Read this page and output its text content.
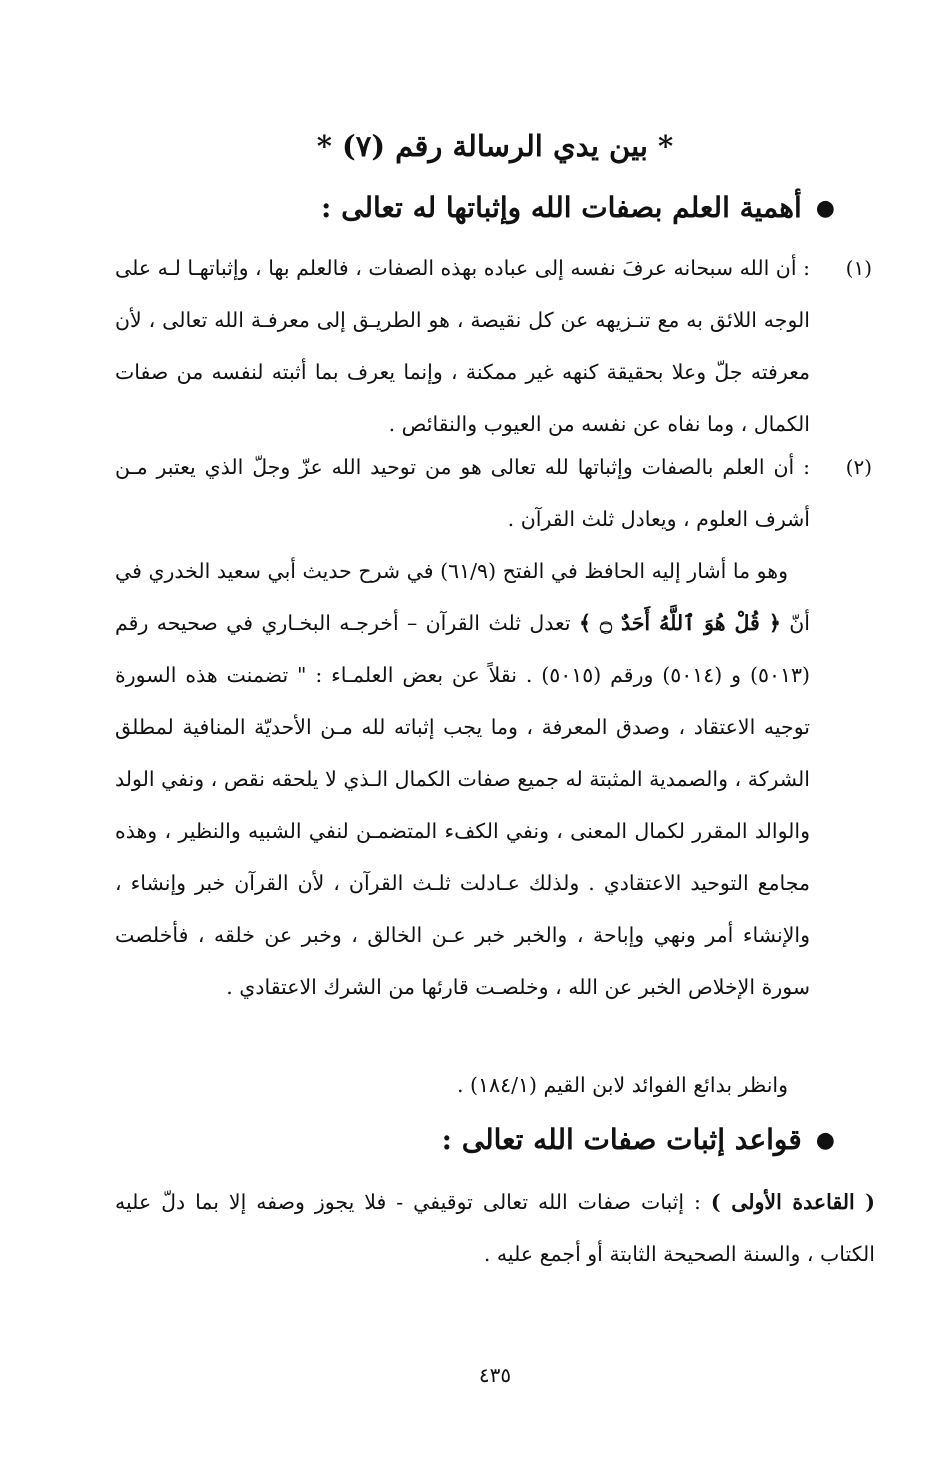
* بين يدي الرسالة رقم (٧) *
●
أهمية العلم بصفات الله وإثباتها له تعالى :
(١)
: أن الله سبحانه عرفَ نفسه إلى عباده بهذه الصفات ، فالعلم بها ، وإثباتهـا لـه على الوجه اللائق به مع تنـزيهه عن كل نقيصة ، هو الطريـق إلى معرفـة الله تعالى ، لأن معرفته جلّ وعلا بحقيقة كنهه غير ممكنة ، وإنما يعرف بما أثبته لنفسه من صفات الكمال ، وما نفاه عن نفسه من العيوب والنقائص .
(٢)
: أن العلم بالصفات وإثباتها لله تعالى هو من توحيد الله عزّ وجلّ الذي يعتبر مـن أشرف العلوم ، ويعادل ثلث القرآن .
وهو ما أشار إليه الحافظ في الفتح (٦١/٩) في شرح حديث أبي سعيد الخدري في أنّ ﴿ قُلْ هُوَ ٱللَّهُ أَحَدٌ ۝ ﴾ تعدل ثلث القرآن – أخرجـه البخـاري في صحيحه رقم (٥٠١٣) و (٥٠١٤) ورقم (٥٠١٥) . نقلاً عن بعض العلمـاء : " تضمنت هذه السورة توجيه الاعتقاد ، وصدق المعرفة ، وما يجب إثباته لله مـن الأحديّة المنافية لمطلق الشركة ، والصمدية المثبتة له جميع صفات الكمال الـذي لا يلحقه نقص ، ونفي الولد والوالد المقرر لكمال المعنى ، ونفي الكفء المتضمـن لنفي الشبيه والنظير ، وهذه مجامع التوحيد الاعتقادي . ولذلك عـادلت ثلـث القرآن ، لأن القرآن خبر وإنشاء ، والإنشاء أمر ونهي وإباحة ، والخبر خبر عـن الخالق ، وخبر عن خلقه ، فأخلصت سورة الإخلاص الخبر عن الله ، وخلصـت قارئها من الشرك الاعتقادي .
وانظر بدائع الفوائد لابن القيم (١٨٤/١) .
●
قواعد إثبات صفات الله تعالى :
( القاعدة الأولى ) : إثبات صفات الله تعالى توقيفي - فلا يجوز وصفه إلا بما دلّ عليه الكتاب ، والسنة الصحيحة الثابتة أو أجمع عليه .
٤٣٥
